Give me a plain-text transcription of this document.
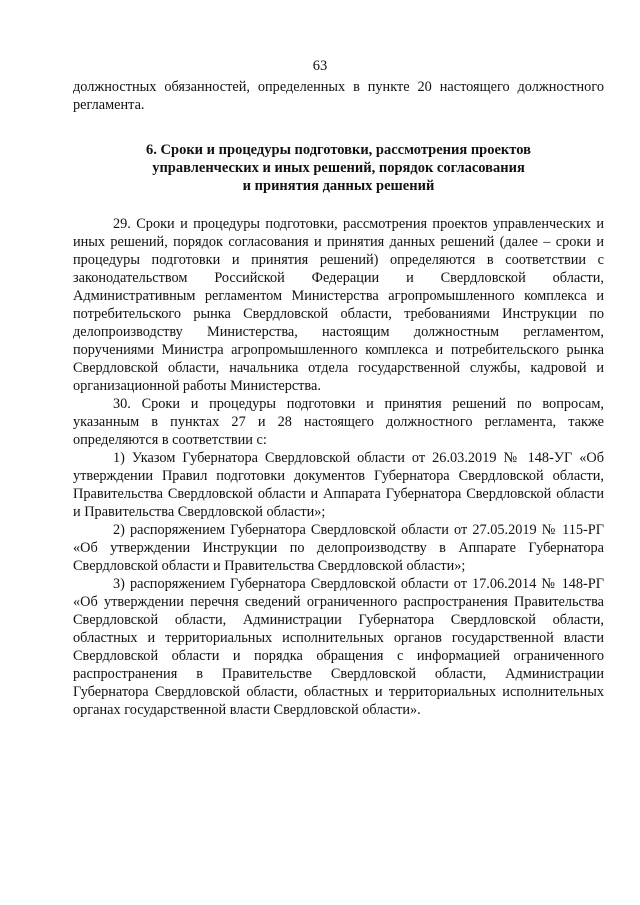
63

должностных обязанностей, определенных в пункте 20 настоящего должностного регламента.

6. Сроки и процедуры подготовки, рассмотрения проектов
управленческих и иных решений, порядок согласования
и принятия данных решений

29. Сроки и процедуры подготовки, рассмотрения проектов управленческих и иных решений, порядок согласования и принятия данных решений (далее – сроки и процедуры подготовки и принятия решений) определяются в соответствии с законодательством Российской Федерации и Свердловской области, Административным регламентом Министерства агропромышленного комплекса и потребительского рынка Свердловской области, требованиями Инструкции по делопроизводству Министерства, настоящим должностным регламентом, поручениями Министра агропромышленного комплекса и потребительского рынка Свердловской области, начальника отдела государственной службы, кадровой и организационной работы Министерства.

30. Сроки и процедуры подготовки и принятия решений по вопросам, указанным в пунктах 27 и 28 настоящего должностного регламента, также определяются в соответствии с:

1) Указом Губернатора Свердловской области от 26.03.2019 № 148-УГ «Об утверждении Правил подготовки документов Губернатора Свердловской области, Правительства Свердловской области и Аппарата Губернатора Свердловской области и Правительства Свердловской области»;

2) распоряжением Губернатора Свердловской области от 27.05.2019 № 115-РГ «Об утверждении Инструкции по делопроизводству в Аппарате Губернатора Свердловской области и Правительства Свердловской области»;

3) распоряжением Губернатора Свердловской области от 17.06.2014 № 148-РГ «Об утверждении перечня сведений ограниченного распространения Правительства Свердловской области, Администрации Губернатора Свердловской области, областных и территориальных исполнительных органов государственной власти Свердловской области и порядка обращения с информацией ограниченного распространения в Правительстве Свердловской области, Администрации Губернатора Свердловской области, областных и территориальных исполнительных органах государственной власти Свердловской области».
